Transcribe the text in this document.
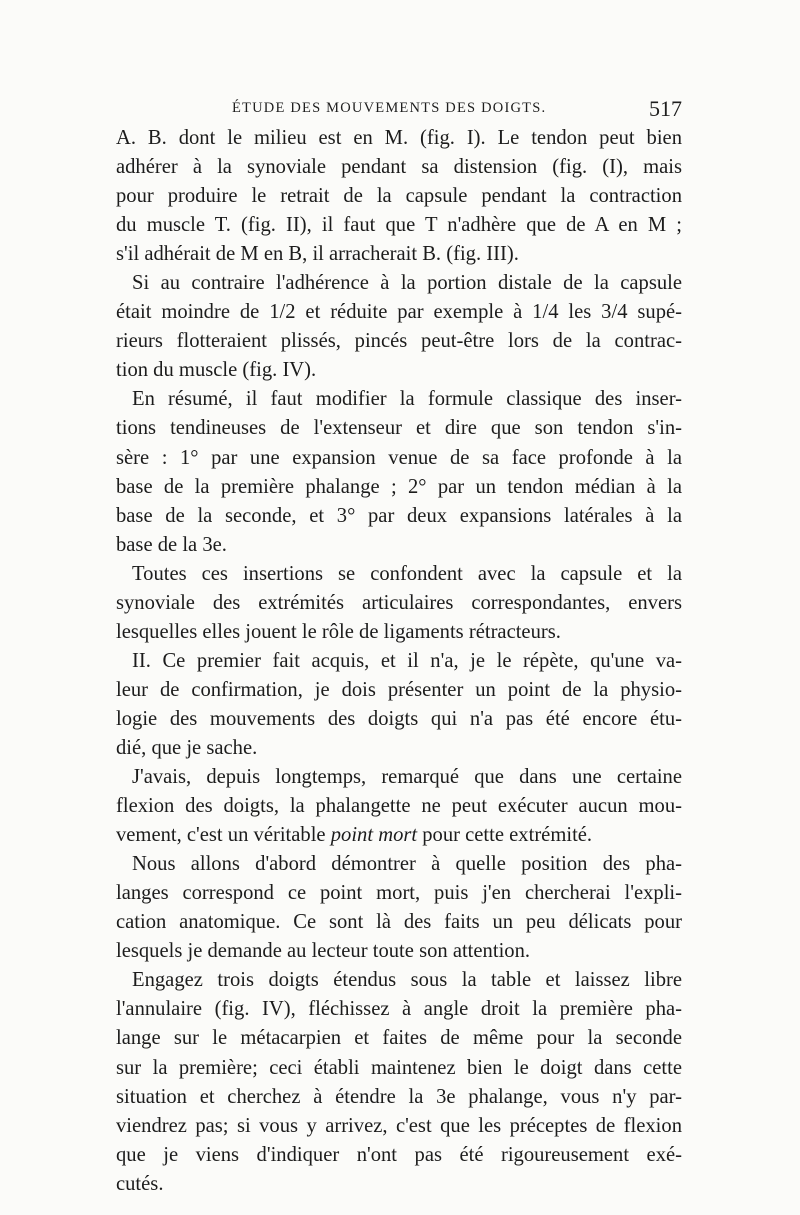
ÉTUDE DES MOUVEMENTS DES DOIGTS.	517
A. B. dont le milieu est en M. (fig. I). Le tendon peut bien
adhérer à la synoviale pendant sa distension (fig. (I), mais
pour produire le retrait de la capsule pendant la contraction
du muscle T. (fig. II), il faut que T n'adhère que de A en M ;
s'il adhérait de M en B, il arracherait B. (fig. III).
Si au contraire l'adhérence à la portion distale de la capsule
était moindre de 1/2 et réduite par exemple à 1/4 les 3/4 supé-
rieurs flotteraient plissés, pincés peut-être lors de la contrac-
tion du muscle (fig. IV).
En résumé, il faut modifier la formule classique des inser-
tions tendineuses de l'extenseur et dire que son tendon s'in-
sère : 1° par une expansion venue de sa face profonde à la
base de la première phalange ; 2° par un tendon médian à la
base de la seconde, et 3° par deux expansions latérales à la
base de la 3e.
Toutes ces insertions se confondent avec la capsule et la
synoviale des extrémités articulaires correspondantes, envers
lesquelles elles jouent le rôle de ligaments rétracteurs.
II. Ce premier fait acquis, et il n'a, je le répète, qu'une va-
leur de confirmation, je dois présenter un point de la physio-
logie des mouvements des doigts qui n'a pas été encore étu-
dié, que je sache.
J'avais, depuis longtemps, remarqué que dans une certaine
flexion des doigts, la phalangette ne peut exécuter aucun mou-
vement, c'est un véritable point mort pour cette extrémité.
Nous allons d'abord démontrer à quelle position des pha-
langes correspond ce point mort, puis j'en chercherai l'expli-
cation anatomique. Ce sont là des faits un peu délicats pour
lesquels je demande au lecteur toute son attention.
Engagez trois doigts étendus sous la table et laissez libre
l'annulaire (fig. IV), fléchissez à angle droit la première pha-
lange sur le métacarpien et faites de même pour la seconde
sur la première; ceci établi maintenez bien le doigt dans cette
situation et cherchez à étendre la 3e phalange, vous n'y par-
viendrez pas; si vous y arrivez, c'est que les préceptes de flexion
que je viens d'indiquer n'ont pas été rigoureusement exé-
cutés.
